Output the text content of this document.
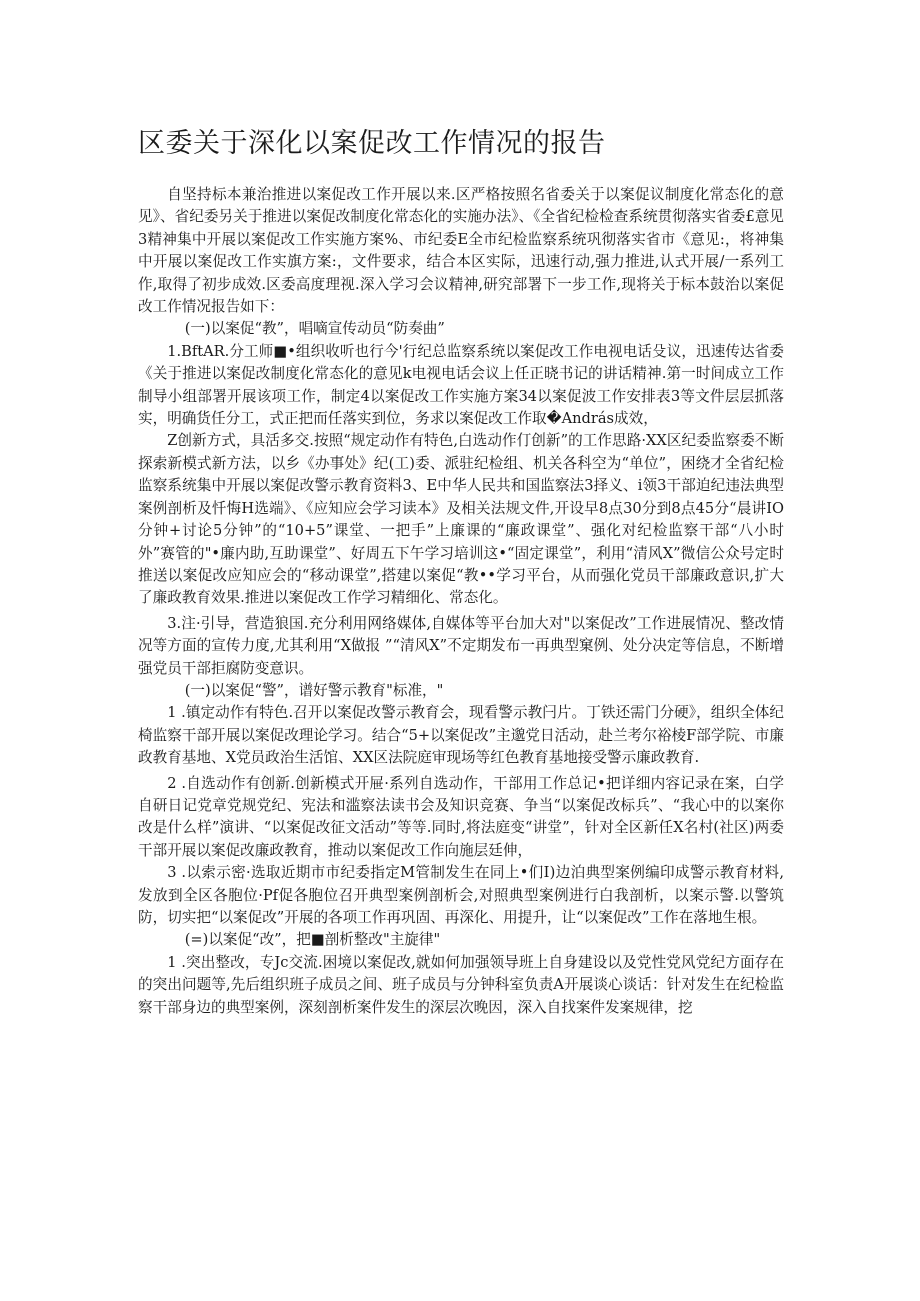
区委关于深化以案促改工作情况的报告

自坚持标本兼治推进以案促改工作开展以来.区严格按照名省委关于以案促议制度化常态化的意见》、省纪委另关于推进以案促改制度化常态化的实施办法》、《全省纪检检查系统贯彻落实省委£意见3精神集中开展以案促改工作实施方案%、市纪委E全市纪检监察系统巩彻落实省市《意见:，将神集中开展以案促改工作实旗方案:，文件要求，结合本区实际，迅速行动,强力推进,认式开展/一系列工作,取得了初步成效.区委高度理视.深入学习会议精神,研究部署下一步工作,现将关于标本鼓治以案促改工作情况报告如下：

(一)以案促“教”，唱嘀宣传动员“防奏曲”

1.BftAR.分工师■•组织收听也行今'行纪总监察系统以案促改工作电视电话殳议，迅速传达省委《关于推进以案促改制度化常态化的意见k电视电话会议上任正晓书记的讲话精神.第一时间成立工作制导小组部署开展该项工作，制定4以案促改工作实施方案34以案促波工作安排表3等文件层层抓落实，明确货任分工，式正把而任落实到位，务求以案促改工作取�András成效，

Z创新方式，具活多交.按照“规定动作有特色,白选动作仃创新”的工作思路·XX区纪委监察委不断探索新模式新方法，以乡《办事处》纪(工)委、派驻纪检组、机关各科空为“单位”，困绕才全省纪检监察系统集中开展以案促改警示教育资料3、E中华人民共和国监察法3择义、i领3干部迫纪违法典型案例剖析及忏悔H选端》、《应知应会学习读本》及相关法规文件,开设早8点30分到8点45分“晨讲IO分钟+讨论5分钟”的“10+5”课堂、一把手”上廉课的“廉政课堂”、强化对纪检监察干部“八小时外”赛管的"•廉内助,互助课堂”、好周五下午学习培训这•“固定课堂”，利用“清风X”微信公众号定时推送以案促改应知应会的“移动课堂”,搭建以案促“教••学习平台，从而强化党员干部廉政意识,扩大了廉政教育效果.推进以案促改工作学习精细化、常态化。

3.注·引导，营造狼国.充分利用网络媒体,自媒体等平台加大对"以案促改”工作进展情况、整改情况等方面的宣传力度,尤其利用“X做报 ”“清风X”不定期发布一再典型窠例、处分决定等信息，不断增强党员干部拒腐防变意识。

(一)以案促“警”，谱好警示教育"标准，"

1 .镇定动作有特色.召开以案促改警示教育会，现看警示教闩片。丁铁还需门分硬》，组织全体纪椅监察干部开展以案促改理论学习。结合“5+以案促改”主邈党日活动，赴兰考尔裕棱F部学院、市廉政教育基地、X党员政治生活馆、XX区法院庭审现场等红色教育基地接受警示廉政教育.

2 .自选动作有创新.创新模式开屉·系列自选动作，干部用工作总记•把详细内容记录在案，白学自研日记党章党规党纪、宪法和滥察法读书会及知识竞赛、争当“以案促改标兵”、“我心中的以案你改是什么样”演讲、“以案促改征文活动”等等.同时,将法庭变“讲堂”，针对全区新任X名村(社区)两委干部开展以案促改廉政教育，推动以案促改工作向施层廷伸，

3 .以索示密·选取近期市市纪委指定M管制发生在同上•们Ⅰ)边泊典型案例编印成警示教育材料,发放到全区各胞位·Pf促各胞位召开典型案例剖析会,对照典型案例进行白我剖析，以案示警.以警筑防，切实把“以案促改”开展的各项工作再巩固、再深化、用提升，让“以案促改”工作在落地生根。

(=)以案促“改”，把■剖析整改"主旋律"

1 .突出整改，专Jc交流.困境以案促改,就如何加强领导班上自身建设以及党性党风党纪方面存在的突出问题等,先后组织班子成员之间、班子成员与分钟科室负责A开展谈心谈话：针对发生在纪检监察干部身边的典型案例，深刻剖析案件发生的深层次晚因，深入自找案件发案规律，挖
